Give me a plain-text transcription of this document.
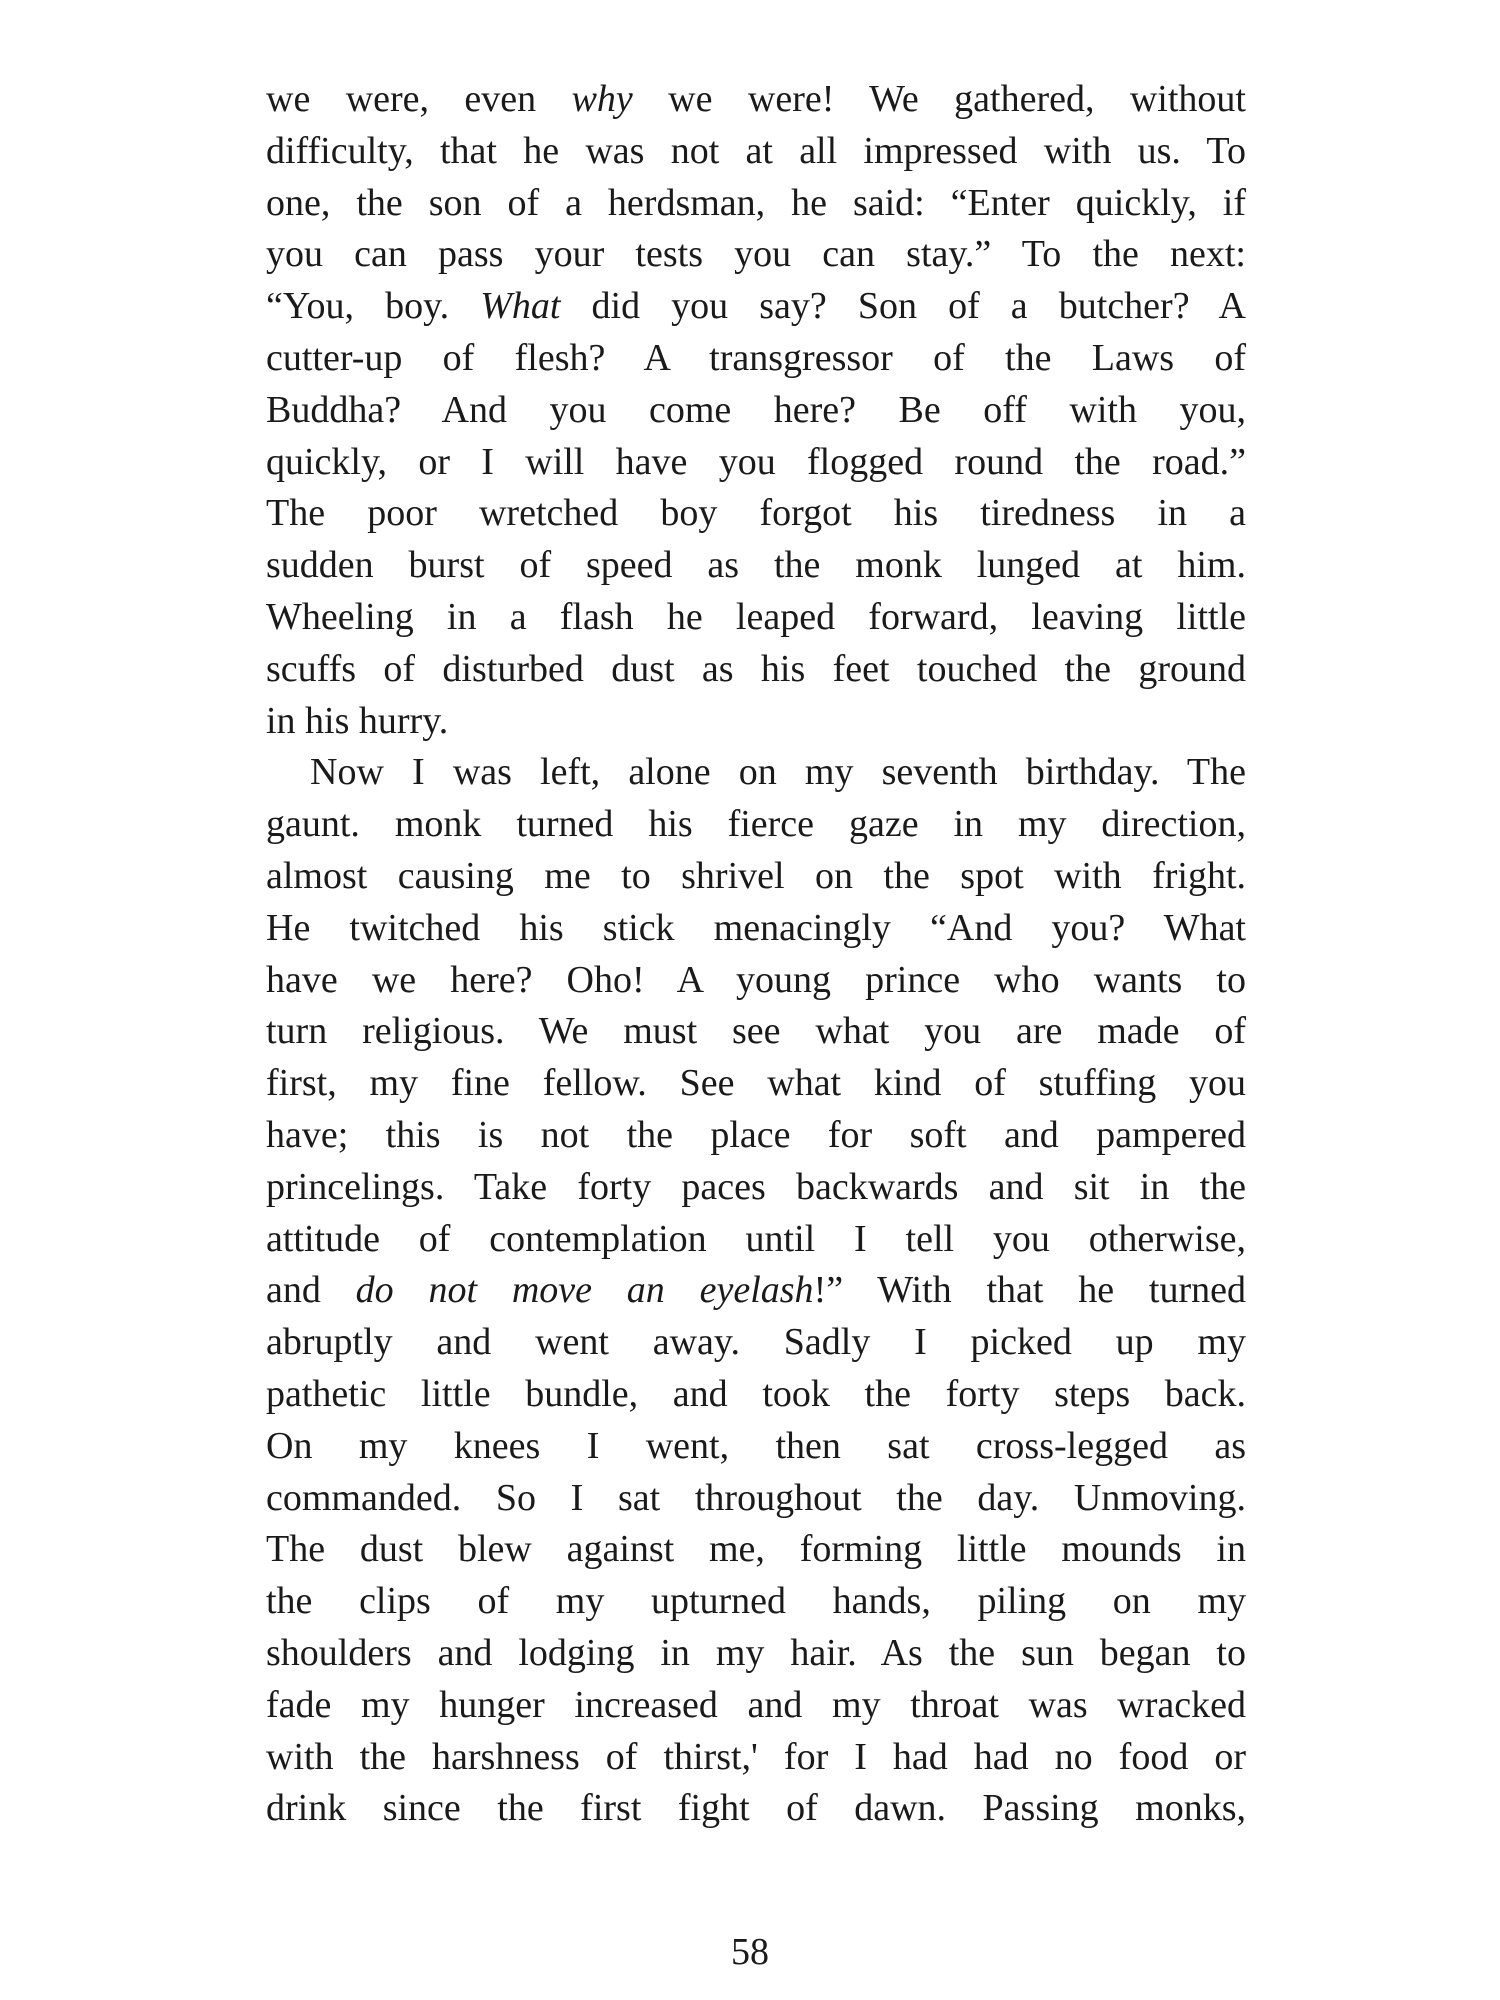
we were, even why we were! We gathered, without
difficulty, that he was not at all impressed with us. To
one, the son of a herdsman, he said: “Enter quickly, if
you can pass your tests you can stay.” To the next:
“You, boy. What did you say? Son of a butcher? A
cutter-up of flesh? A transgressor of the Laws of
Buddha? And you come here? Be off with you,
quickly, or I will have you flogged round the road.”
The poor wretched boy forgot his tiredness in a
sudden burst of speed as the monk lunged at him.
Wheeling in a flash he leaped forward, leaving little
scuffs of disturbed dust as his feet touched the ground
in his hurry.
Now I was left, alone on my seventh birthday. The
gaunt. monk turned his fierce gaze in my direction,
almost causing me to shrivel on the spot with fright.
He twitched his stick menacingly “And you? What
have we here? Oho! A young prince who wants to
turn religious. We must see what you are made of
first, my fine fellow. See what kind of stuffing you
have; this is not the place for soft and pampered
princelings. Take forty paces backwards and sit in the
attitude of contemplation until I tell you otherwise,
and do not move an eyelash!” With that he turned
abruptly and went away. Sadly I picked up my
pathetic little bundle, and took the forty steps back.
On my knees I went, then sat cross-legged as
commanded. So I sat throughout the day. Unmoving.
The dust blew against me, forming little mounds in
the clips of my upturned hands, piling on my
shoulders and lodging in my hair. As the sun began to
fade my hunger increased and my throat was wracked
with the harshness of thirst,' for I had had no food or
drink since the first fight of dawn. Passing monks,
58
